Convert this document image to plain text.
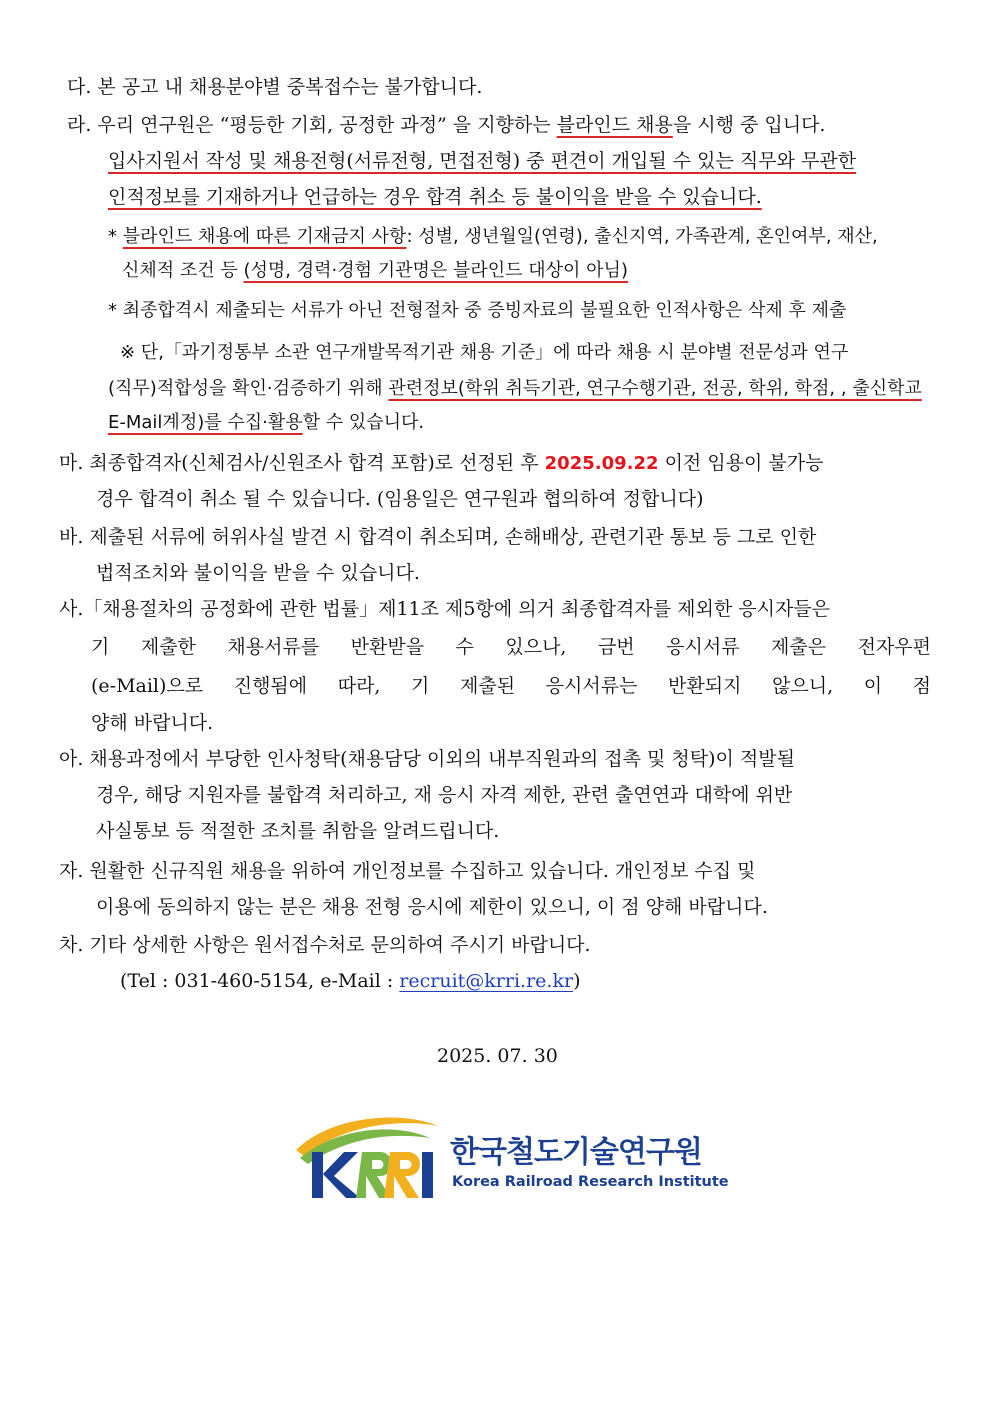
다. 본 공고 내 채용분야별 중복접수는 불가합니다.

라. 우리 연구원은 “평등한 기회, 공정한 과정” 을 지향하는 블라인드 채용을 시행 중 입니다.

입사지원서 작성 및 채용전형(서류전형, 면접전형) 중 편견이 개입될 수 있는 직무와 무관한

인적정보를 기재하거나 언급하는 경우 합격 취소 등 불이익을 받을 수 있습니다.

* 블라인드 채용에 따른 기재금지 사항: 성별, 생년월일(연령), 출신지역, 가족관계, 혼인여부, 재산,

신체적 조건 등 (성명, 경력·경험 기관명은 블라인드 대상이 아님)

* 최종합격시 제출되는 서류가 아닌 전형절차 중 증빙자료의 불필요한 인적사항은 삭제 후 제출

※ 단,「과기정통부 소관 연구개발목적기관 채용 기준」에 따라 채용 시 분야별 전문성과 연구

(직무)적합성을 확인·검증하기 위해 관련정보(학위 취득기관, 연구수행기관, 전공, 학위, 학점, , 출신학교

E-Mail계정)를 수집·활용할 수 있습니다.

마. 최종합격자(신체검사/신원조사 합격 포함)로 선정된 후 2025.09.22 이전 임용이 불가능

경우 합격이 취소 될 수 있습니다. (임용일은 연구원과 협의하여 정합니다)

바. 제출된 서류에 허위사실 발견 시 합격이 취소되며, 손해배상, 관련기관 통보 등 그로 인한

법적조치와 불이익을 받을 수 있습니다.

사.「채용절차의 공정화에 관한 법률」제11조 제5항에 의거 최종합격자를 제외한 응시자들은

기 제출한 채용서류를 반환받을 수 있으나, 금번 응시서류 제출은 전자우편

(e-Mail)으로 진행됨에 따라, 기 제출된 응시서류는 반환되지 않으니, 이 점

양해 바랍니다.

아. 채용과정에서 부당한 인사청탁(채용담당 이외의 내부직원과의 접촉 및 청탁)이 적발될

경우, 해당 지원자를 불합격 처리하고, 재 응시 자격 제한, 관련 출연연과 대학에 위반

사실통보 등 적절한 조치를 취함을 알려드립니다.

자. 원활한 신규직원 채용을 위하여 개인정보를 수집하고 있습니다. 개인정보 수집 및

이용에 동의하지 않는 분은 채용 전형 응시에 제한이 있으니, 이 점 양해 바랍니다.

차. 기타 상세한 사항은 원서접수처로 문의하여 주시기 바랍니다.

(Tel : 031-460-5154, e-Mail : recruit@krri.re.kr)

2025. 07. 30
한국철도기술연구원
Korea Railroad Research Institute
